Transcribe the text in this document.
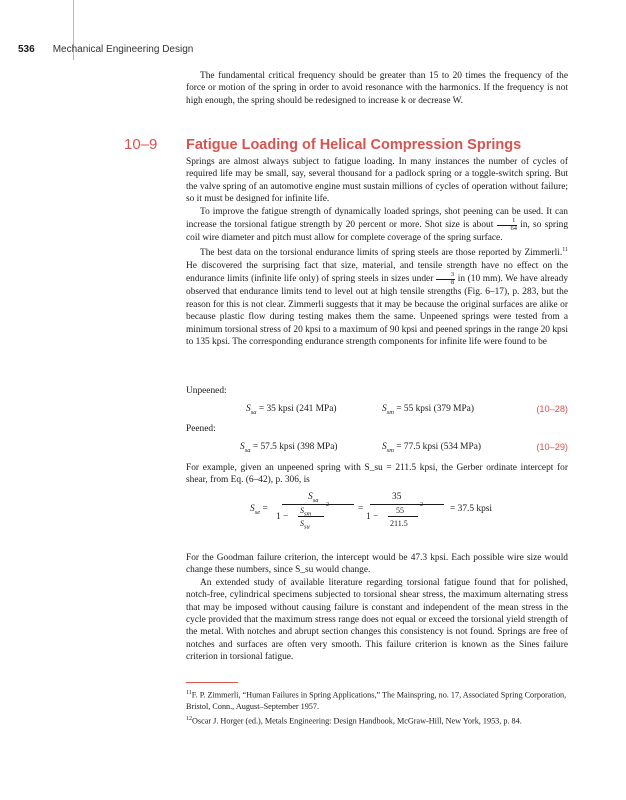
536 Mechanical Engineering Design

The fundamental critical frequency should be greater than 15 to 20 times the frequency of the force or motion of the spring in order to avoid resonance with the harmonics. If the frequency is not high enough, the spring should be redesigned to increase k or decrease W.

10–9	Fatigue Loading of Helical Compression Springs

Springs are almost always subject to fatigue loading. In many instances the number of cycles of required life may be small, say, several thousand for a padlock spring or a toggle-switch spring. But the valve spring of an automotive engine must sustain millions of cycles of operation without failure; so it must be designed for infinite life.

To improve the fatigue strength of dynamically loaded springs, shot peening can be used. It can increase the torsional fatigue strength by 20 percent or more. Shot size is about $\frac{1}{64}$ in, so spring coil wire diameter and pitch must allow for complete coverage of the spring surface.

The best data on the torsional endurance limits of spring steels are those reported by Zimmerli.$^{11}$ He discovered the surprising fact that size, material, and tensile strength have no effect on the endurance limits (infinite life only) of spring steels in sizes under $\frac{3}{8}$ in (10 mm). We have already observed that endurance limits tend to level out at high tensile strengths (Fig. 6–17), p. 283, but the reason for this is not clear. Zimmerli suggests that it may be because the original surfaces are alike or because plastic flow during testing makes them the same. Unpeened springs were tested from a minimum torsional stress of 20 kpsi to a maximum of 90 kpsi and peened springs in the range 20 kpsi to 135 kpsi. The corresponding endurance strength components for infinite life were found to be

Unpeened:
$S_{sa} = 35$ kpsi (241 MPa)	$S_{sm} = 55$ kpsi (379 MPa)	(10–28)
Peened:
$S_{sa} = 57.5$ kpsi (398 MPa)	$S_{sm} = 77.5$ kpsi (534 MPa)	(10–29)

For example, given an unpeened spring with S_su = 211.5 kpsi, the Gerber ordinate intercept for shear, from Eq. (6–42), p. 306, is

$S_{se}$ =
$S_{sa}$
1 −
$S_{sm}$
$S_{su}$
2	=
35
1 −
55
211.5
2	= 37.5 kpsi

For the Goodman failure criterion, the intercept would be 47.3 kpsi. Each possible wire size would change these numbers, since S_su would change.

An extended study of available literature regarding torsional fatigue found that for polished, notch-free, cylindrical specimens subjected to torsional shear stress, the maximum alternating stress that may be imposed without causing failure is constant and independent of the mean stress in the cycle provided that the maximum stress range does not equal or exceed the torsional yield strength of the metal. With notches and abrupt section changes this consistency is not found. Springs are free of notches and surfaces are often very smooth. This failure criterion is known as the Sines failure criterion in torsional fatigue.

$^{11}$F. P. Zimmerli, “Human Failures in Spring Applications,” The Mainspring, no. 17, Associated Spring Corporation, Bristol, Conn., August–September 1957.
$^{12}$Oscar J. Horger (ed.), Metals Engineering: Design Handbook, McGraw-Hill, New York, 1953, p. 84.
